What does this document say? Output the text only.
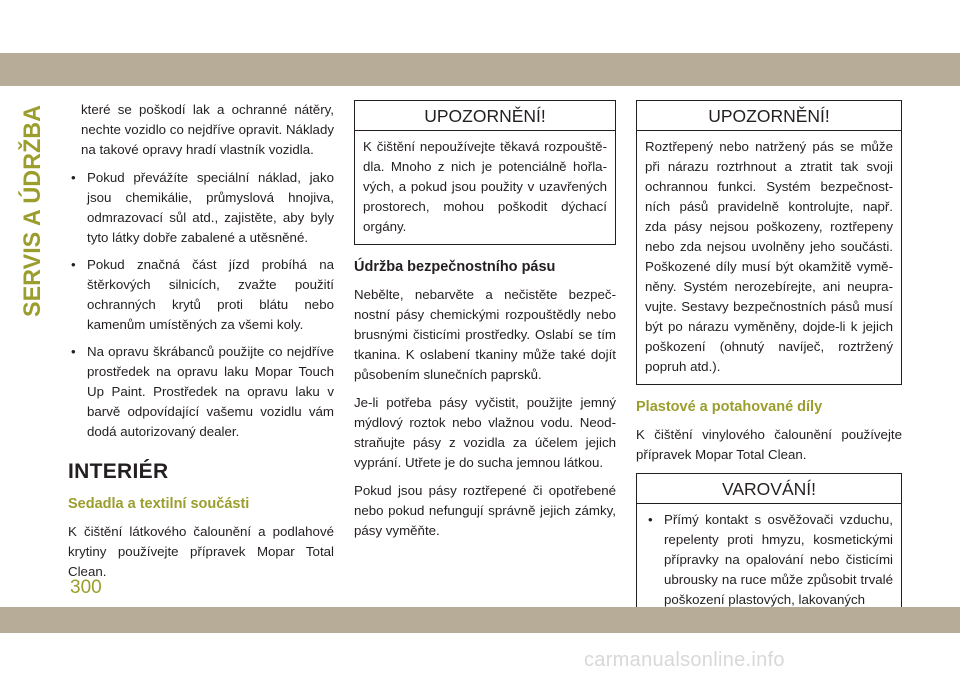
SERVIS A ÚDRŽBA	které se poškodí lak a ochranné nátěry, nechte vozidlo co nejdříve opravit. Náklady na takové opravy hradí vlastník vozidla.

• Pokud převážíte speciální náklad, jako jsou chemikálie, průmyslová hnojiva, odmrazovací sůl atd., zajistěte, aby byly tyto látky dobře zabalené a utěsněné.
• Pokud značná část jízd probíhá na štěrkových silnicích, zvažte použití ochranných krytů proti blátu nebo kamenům umístěných za všemi koly.
• Na opravu škrábanců použijte co nejdříve prostředek na opravu laku Mopar Touch Up Paint. Prostředek na opravu laku v barvě odpovídající vašemu vozidlu vám dodá autorizovaný dealer.
INTERIÉR
Sedadla a textilní součásti

K čištění látkového čalounění a podlahové krytiny používejte přípravek Mopar Total Clean.

UPOZORNĚNÍ!

K čištění nepoužívejte těkavá rozpouštědla. Mnoho z nich je potenciálně hořlavých, a pokud jsou použity v uzavřených prostorech, mohou poškodit dýchací orgány.

Údržba bezpečnostního pásu

Nebělte, nebarvěte a nečistěte bezpečnostní pásy chemickými rozpouštědly nebo brusnými čisticími prostředky. Oslabí se tím tkanina. K oslabení tkaniny může také dojít působením slunečních paprsků.

Je-li potřeba pásy vyčistit, použijte jemný mýdlový roztok nebo vlažnou vodu. Neodstraňujte pásy z vozidla za účelem jejich vyprání. Utřete je do sucha jemnou látkou.

Pokud jsou pásy roztřepené či opotřebené nebo pokud nefungují správně jejich zámky, pásy vyměňte.

UPOZORNĚNÍ!

Roztřepený nebo natržený pás se může při nárazu roztrhnout a ztratit tak svoji ochrannou funkci. Systém bezpečnostních pásů pravidelně kontrolujte, např. zda pásy nejsou poškozeny, roztřepeny nebo zda nejsou uvolněny jeho součásti. Poškozené díly musí být okamžitě vyměněny. Systém nerozebírejte, ani neupravujte. Sestavy bezpečnostních pásů musí být po nárazu vyměněny, dojde-li k jejich poškození (ohnutý navíječ, roztržený popruh atd.).

Plastové a potahované díly

K čištění vinylového čalounění používejte přípravek Mopar Total Clean.

VAROVÁNÍ!
• Přímý kontakt s osvěžovači vzduchu, repelenty proti hmyzu, kosmetickými přípravky na opalování nebo čisticími ubrousky na ruce může způsobit trvalé poškození plastových, lakovaných

300

carmanualsonline.info
